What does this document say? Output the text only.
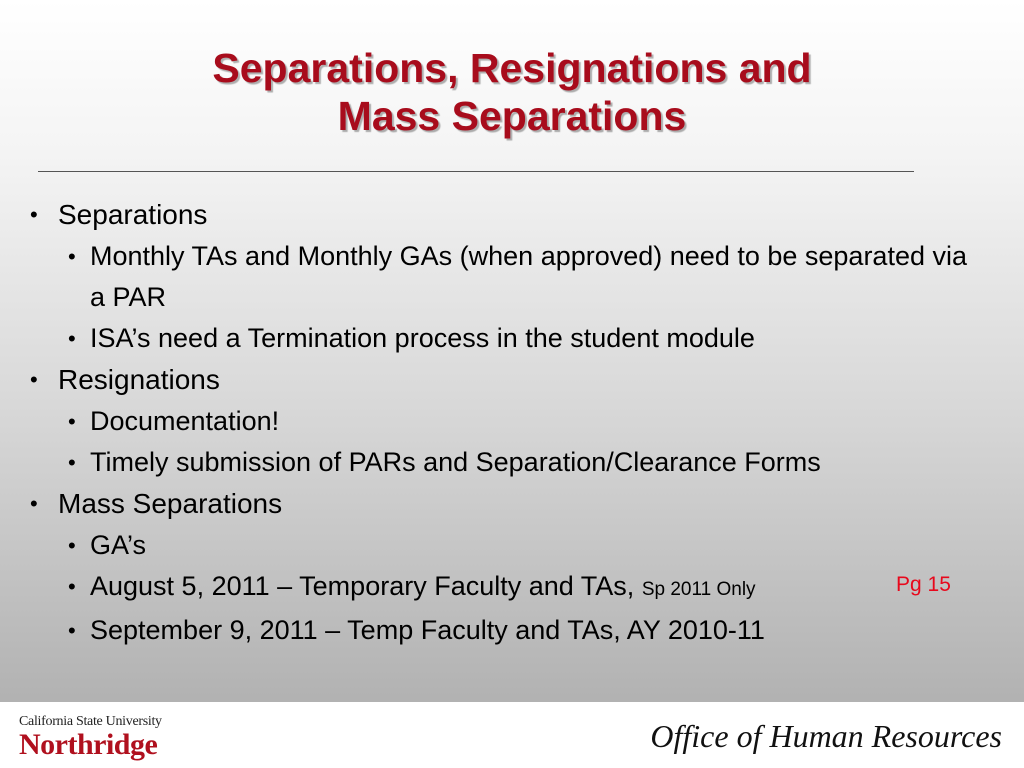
Separations, Resignations and
Mass Separations
• Separations
• Monthly TAs and Monthly GAs (when approved) need to be separated via a PAR
• ISA’s need a Termination process in the student module
• Resignations
• Documentation!
• Timely submission of PARs and Separation/Clearance Forms
• Mass Separations
• GA’s
• August 5, 2011 – Temporary Faculty and TAs, Sp 2011 Only
• September 9, 2011 – Temp Faculty and TAs, AY 2010-11
Pg 15
California State University
Northridge	Office of Human Resources
